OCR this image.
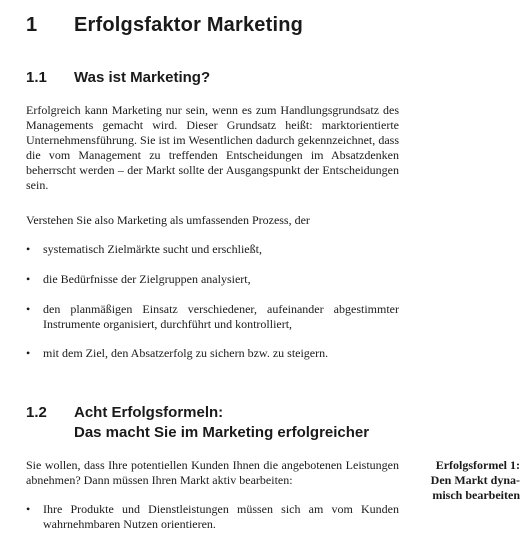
1 Erfolgsfaktor Marketing
1.1 Was ist Marketing?
Erfolgreich kann Marketing nur sein, wenn es zum Handlungsgrundsatz des Managements gemacht wird. Dieser Grundsatz heißt: marktorientierte Unternehmensführung. Sie ist im Wesentlichen dadurch gekennzeichnet, dass die vom Management zu treffenden Entscheidungen im Absatzdenken beherrscht werden – der Markt sollte der Ausgangspunkt der Entscheidungen sein.
Verstehen Sie also Marketing als umfassenden Prozess, der
•	systematisch Zielmärkte sucht und erschließt,
•	die Bedürfnisse der Zielgruppen analysiert,
•	den planmäßigen Einsatz verschiedener, aufeinander abgestimmter Instrumente organisiert, durchführt und kontrolliert,
•	mit dem Ziel, den Absatzerfolg zu sichern bzw. zu steigern.
1.2 Acht Erfolgsformeln:
Das macht Sie im Marketing erfolgreicher
Sie wollen, dass Ihre potentiellen Kunden Ihnen die angebotenen Leistungen abnehmen? Dann müssen Ihren Markt aktiv bearbeiten:
Erfolgsformel 1:
Den Markt dyna-
misch bearbeiten
•	Ihre Produkte und Dienstleistungen müssen sich am vom Kunden wahrnehmbaren Nutzen orientieren.
